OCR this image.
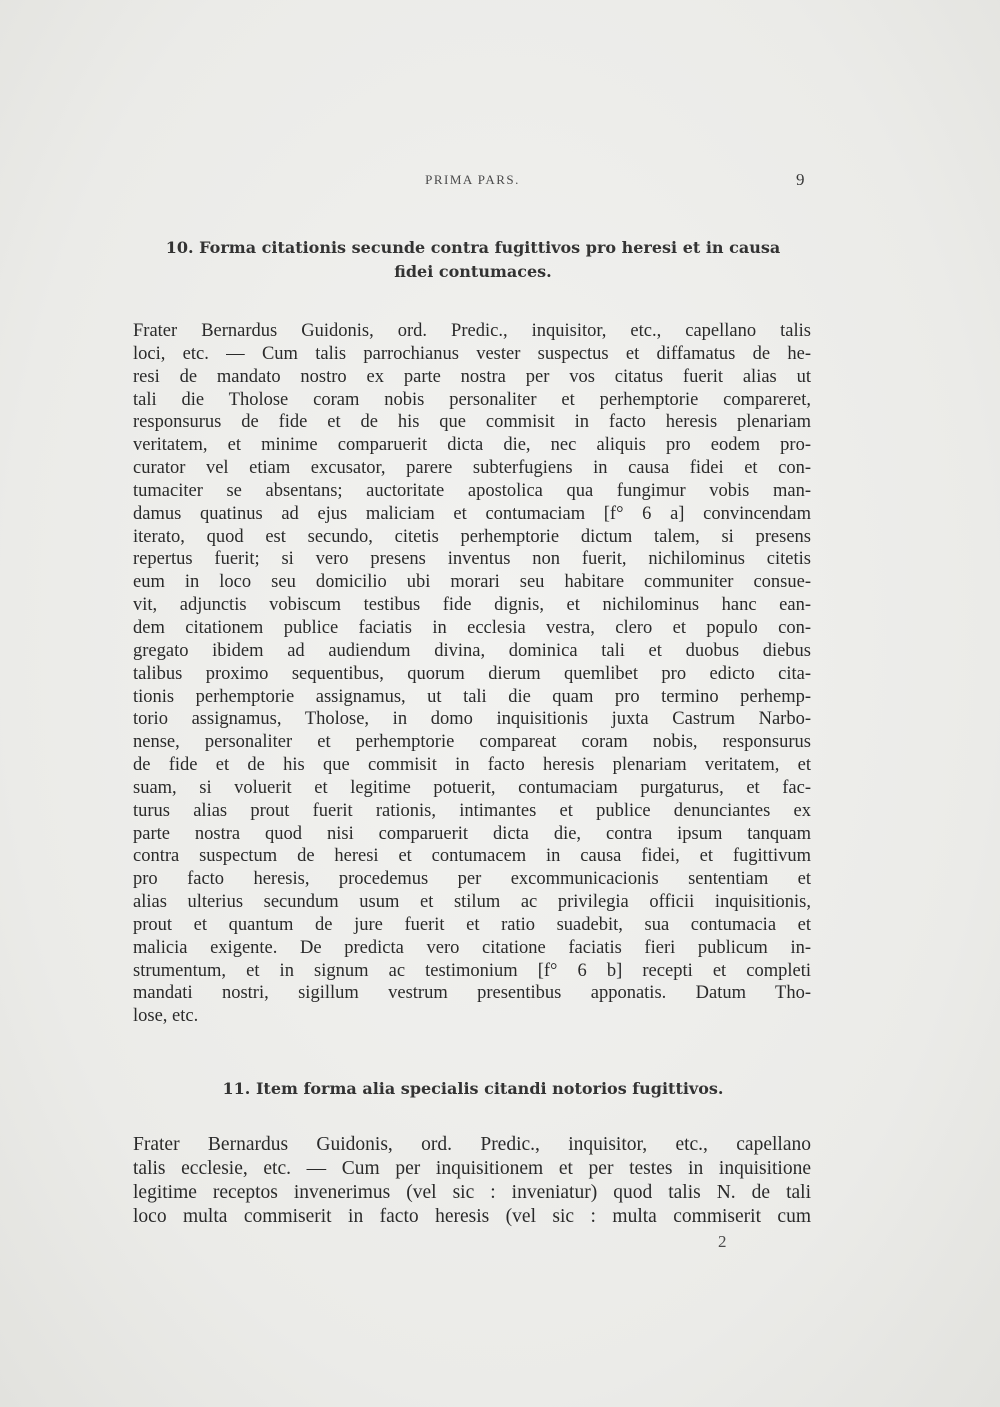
PRIMA PARS.	9
10. Forma citationis secunde contra fugittivos pro heresi et in causa
fidei contumaces.
Frater Bernardus Guidonis, ord. Predic., inquisitor, etc., capellano talis
loci, etc. — Cum talis parrochianus vester suspectus et diffamatus de he-
resi de mandato nostro ex parte nostra per vos citatus fuerit alias ut
tali die Tholose coram nobis personaliter et perhemptorie compareret,
responsurus de fide et de his que commisit in facto heresis plenariam
veritatem, et minime comparuerit dicta die, nec aliquis pro eodem pro-
curator vel etiam excusator, parere subterfugiens in causa fidei et con-
tumaciter se absentans; auctoritate apostolica qua fungimur vobis man-
damus quatinus ad ejus maliciam et contumaciam [f° 6 a] convincendam
iterato, quod est secundo, citetis perhemptorie dictum talem, si presens
repertus fuerit; si vero presens inventus non fuerit, nichilominus citetis
eum in loco seu domicilio ubi morari seu habitare communiter consue-
vit, adjunctis vobiscum testibus fide dignis, et nichilominus hanc ean-
dem citationem publice faciatis in ecclesia vestra, clero et populo con-
gregato ibidem ad audiendum divina, dominica tali et duobus diebus
talibus proximo sequentibus, quorum dierum quemlibet pro edicto cita-
tionis perhemptorie assignamus, ut tali die quam pro termino perhemp-
torio assignamus, Tholose, in domo inquisitionis juxta Castrum Narbo-
nense, personaliter et perhemptorie compareat coram nobis, responsurus
de fide et de his que commisit in facto heresis plenariam veritatem, et
suam, si voluerit et legitime potuerit, contumaciam purgaturus, et fac-
turus alias prout fuerit rationis, intimantes et publice denunciantes ex
parte nostra quod nisi comparuerit dicta die, contra ipsum tanquam
contra suspectum de heresi et contumacem in causa fidei, et fugittivum
pro facto heresis, procedemus per excommunicacionis sententiam et
alias ulterius secundum usum et stilum ac privilegia officii inquisitionis,
prout et quantum de jure fuerit et ratio suadebit, sua contumacia et
malicia exigente. De predicta vero citatione faciatis fieri publicum in-
strumentum, et in signum ac testimonium [f° 6 b] recepti et completi
mandati nostri, sigillum vestrum presentibus apponatis. Datum Tho-
lose, etc.
11. Item forma alia specialis citandi notorios fugittivos.
Frater Bernardus Guidonis, ord. Predic., inquisitor, etc., capellano
talis ecclesie, etc. — Cum per inquisitionem et per testes in inquisitione
legitime receptos invenerimus (vel sic : inveniatur) quod talis N. de tali
loco multa commiserit in facto heresis (vel sic : multa commiserit cum
2
